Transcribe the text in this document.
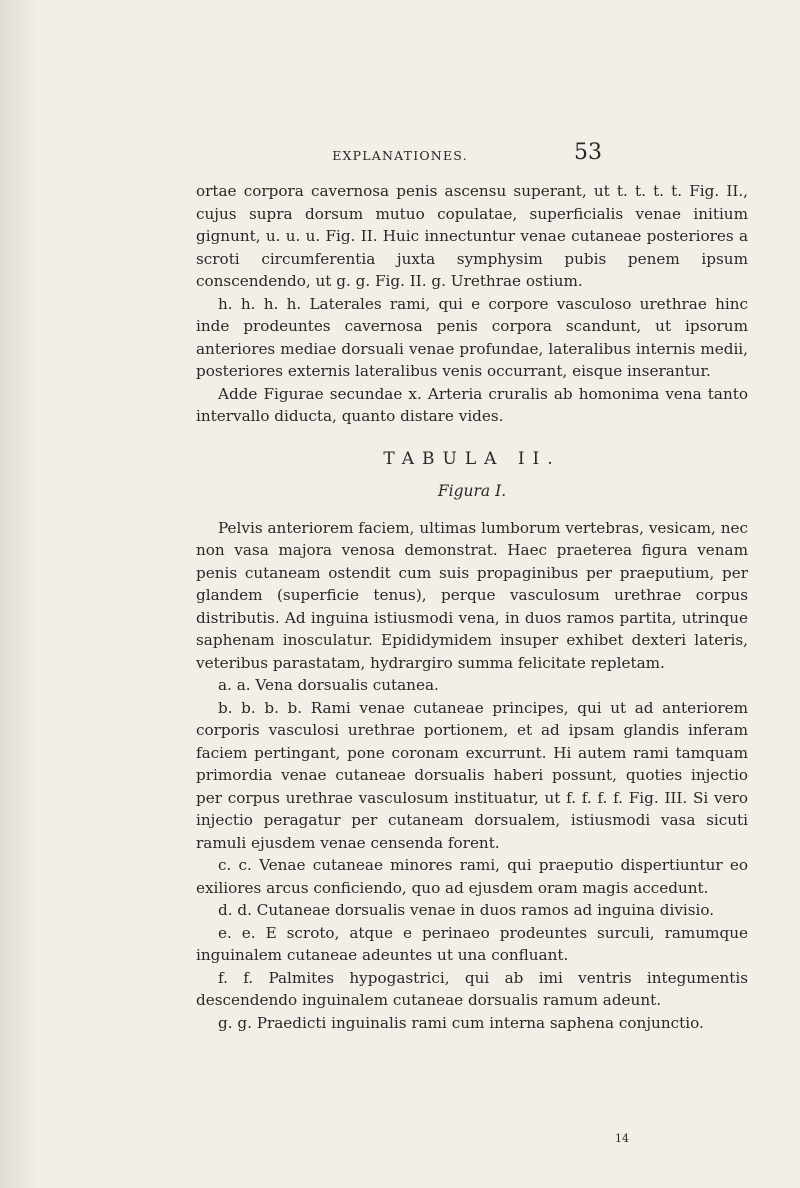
EXPLANATIONES.	53

ortae corpora cavernosa penis ascensu superant, ut t. t. t. t. Fig. II., cujus supra dorsum mutuo copulatae, superficialis venae initium gignunt, u. u. u. Fig. II. Huic innectuntur venae cutaneae posteriores a scroti circumferentia juxta symphysim pubis penem ipsum conscendendo, ut g. g. Fig. II. g. Urethrae ostium.

h. h. h. h. Laterales rami, qui e corpore vasculoso urethrae hinc inde prodeuntes cavernosa penis corpora scandunt, ut ipsorum anteriores mediae dorsuali venae profundae, lateralibus internis medii, posteriores externis lateralibus venis occurrant, eisque inserantur.

Adde Figurae secundae x. Arteria cruralis ab homonima vena tanto intervallo diducta, quanto distare vides.

TABULA II.
Figura I.

Pelvis anteriorem faciem, ultimas lumborum vertebras, vesicam, nec non vasa majora venosa demonstrat. Haec praeterea figura venam penis cutaneam ostendit cum suis propaginibus per praeputium, per glandem (superficie tenus), perque vasculosum urethrae corpus distributis. Ad inguina istiusmodi vena, in duos ramos partita, utrinque saphenam inosculatur. Epididymidem insuper exhibet dexteri lateris, veteribus parastatam, hydrargiro summa felicitate repletam.

a. a. Vena dorsualis cutanea.

b. b. b. b. Rami venae cutaneae principes, qui ut ad anteriorem corporis vasculosi urethrae portionem, et ad ipsam glandis inferam faciem pertingant, pone coronam excurrunt. Hi autem rami tamquam primordia venae cutaneae dorsualis haberi possunt, quoties injectio per corpus urethrae vasculosum instituatur, ut f. f. f. f. Fig. III. Si vero injectio peragatur per cutaneam dorsualem, istiusmodi vasa sicuti ramuli ejusdem venae censenda forent.

c. c. Venae cutaneae minores rami, qui praeputio dispertiuntur eo exiliores arcus conficiendo, quo ad ejusdem oram magis accedunt.

d. d. Cutaneae dorsualis venae in duos ramos ad inguina divisio.

e. e. E scroto, atque e perinaeo prodeuntes surculi, ramumque inguinalem cutaneae adeuntes ut una confluant.

f. f. Palmites hypogastrici, qui ab imi ventris integumentis descendendo inguinalem cutaneae dorsualis ramum adeunt.

g. g. Praedicti inguinalis rami cum interna saphena conjunctio.

14
